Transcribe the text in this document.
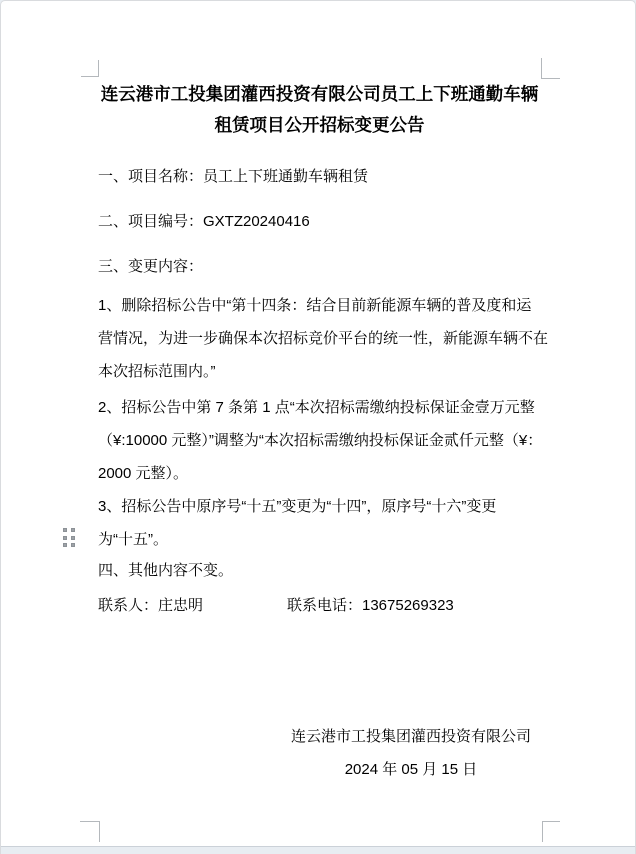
连云港市工投集团灌西投资有限公司员工上下班通勤车辆
租赁项目公开招标变更公告
一、项目名称：员工上下班通勤车辆租赁
二、项目编号：GXTZ20240416
三、变更内容：
1、删除招标公告中“第十四条：结合目前新能源车辆的普及度和运
营情况，为进一步确保本次招标竞价平台的统一性，新能源车辆不在
本次招标范围内。”
2、招标公告中第 7 条第 1 点“本次招标需缴纳投标保证金壹万元整
（¥:10000 元整）”调整为“本次招标需缴纳投标保证金贰仟元整（¥：
2000 元整）。
3、招标公告中原序号“十五”变更为“十四”，原序号“十六”变更
为“十五”。
四、其他内容不变。
联系人：庄忠明	联系电话：13675269323
连云港市工投集团灌西投资有限公司
2024 年 05 月 15 日
